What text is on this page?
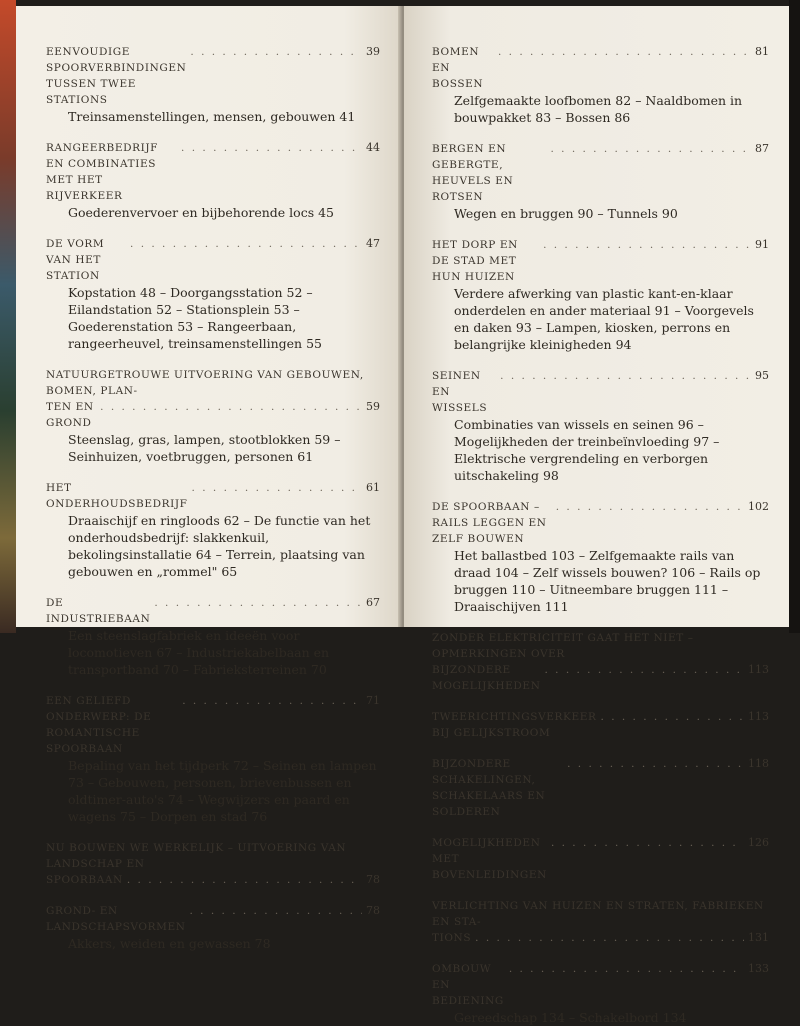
EENVOUDIGE SPOORVERBINDINGEN TUSSEN TWEE STATIONS
. . .
39
Treinsamenstellingen, mensen, gebouwen 41
RANGEERBEDRIJF EN COMBINATIES MET HET RIJVERKEER
. . .
44
Goederenvervoer en bijbehorende locs 45
DE VORM VAN HET STATION
. . .
47
Kopstation 48 – Doorgangsstation 52 – Eilandstation 52 – Stationsplein 53 – Goederenstation 53 – Rangeerbaan, rangeerheuvel, treinsamenstellingen 55
NATUURGETROUWE UITVOERING VAN GEBOUWEN, BOMEN, PLAN-
TEN EN GROND
. . .
59
Steenslag, gras, lampen, stootblokken 59 – Seinhuizen, voetbruggen, personen 61
HET ONDERHOUDSBEDRIJF
. . .
61
Draaischijf en ringloods 62 – De functie van het onderhoudsbedrijf: slakkenkuil, bekolingsinstallatie 64 – Terrein, plaatsing van gebouwen en „rommel" 65
DE INDUSTRIEBAAN
. . .
67
Een steenslagfabriek en ideeën voor locomotieven 67 – Industriekabelbaan en transportband 70 – Fabrieksterreinen 70
EEN GELIEFD ONDERWERP: DE ROMANTISCHE SPOORBAAN
. . .
71
Bepaling van het tijdperk 72 – Seinen en lampen 73 – Gebouwen, personen, brievenbussen en oldtimer-auto's 74 – Wegwijzers en paard en wagens 75 – Dorpen en stad 76
NU BOUWEN WE WERKELIJK – UITVOERING VAN LANDSCHAP EN
SPOORBAAN . . .	78
GROND- EN LANDSCHAPSVORMEN
. . .
78
Akkers, weiden en gewassen 78
BOMEN EN BOSSEN
. . .
81
Zelfgemaakte loofbomen 82 – Naaldbomen in bouwpakket 83 – Bossen 86
BERGEN EN GEBERGTE, HEUVELS EN ROTSEN
. . .
87
Wegen en bruggen 90 – Tunnels 90
HET DORP EN DE STAD MET HUN HUIZEN
. . .
91
Verdere afwerking van plastic kant-en-klaar onderdelen en ander materiaal 91 – Voorgevels en daken 93 – Lampen, kiosken, perrons en belangrijke kleinigheden 94
SEINEN EN WISSELS
. . .
95
Combinaties van wissels en seinen 96 – Mogelijkheden der treinbeïnvloeding 97 – Elektrische vergrendeling en verborgen uitschakeling 98
DE SPOORBAAN – RAILS LEGGEN EN ZELF BOUWEN
. . .
102
Het ballastbed 103 – Zelfgemaakte rails van draad 104 – Zelf wissels bouwen? 106 – Rails op bruggen 110 – Uitneembare bruggen 111 – Draaischijven 111
ZONDER ELEKTRICITEIT GAAT HET NIET – OPMERKINGEN OVER
BIJZONDERE MOGELIJKHEDEN
. . .
113
TWEERICHTINGSVERKEER BIJ GELIJKSTROOM
. . .
113
BIJZONDERE SCHAKELINGEN, SCHAKELAARS EN SOLDEREN
. . .
118
MOGELIJKHEDEN MET BOVENLEIDINGEN
. . .
126
VERLICHTING VAN HUIZEN EN STRATEN, FABRIEKEN EN STA-
TIONS . . .	131
OMBOUW EN BEDIENING
. . .
133
Gereedschap 134 – Schakelbord 134
